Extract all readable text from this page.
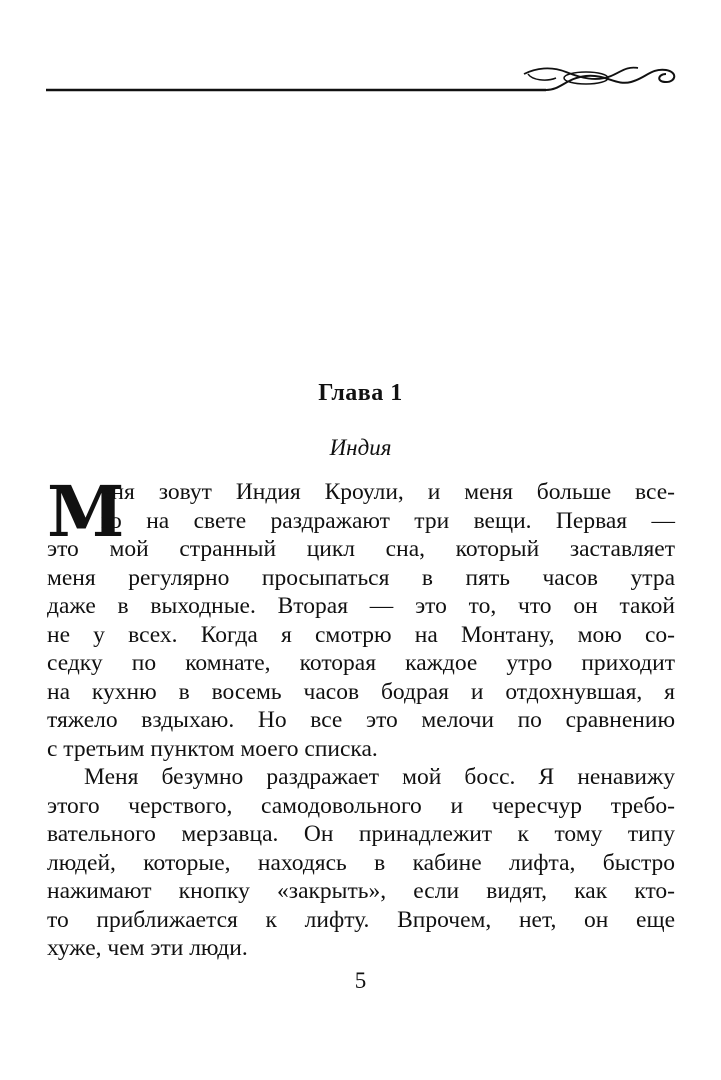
Глава 1
Индия
М
еня зовут Индия Кроули, и меня больше все-
го на свете раздражают три вещи. Первая —
это мой странный цикл сна, который заставляет
меня регулярно просыпаться в пять часов утра
даже в выходные. Вторая — это то, что он такой
не у всех. Когда я смотрю на Монтану, мою со-
седку по комнате, которая каждое утро приходит
на кухню в восемь часов бодрая и отдохнувшая, я
тяжело вздыхаю. Но все это мелочи по сравнению
с третьим пунктом моего списка.
Меня безумно раздражает мой босс. Я ненавижу
этого черствого, самодовольного и чересчур требо-
вательного мерзавца. Он принадлежит к тому типу
людей, которые, находясь в кабине лифта, быстро
нажимают кнопку «закрыть», если видят, как кто-
то приближается к лифту. Впрочем, нет, он еще
хуже, чем эти люди.
5
